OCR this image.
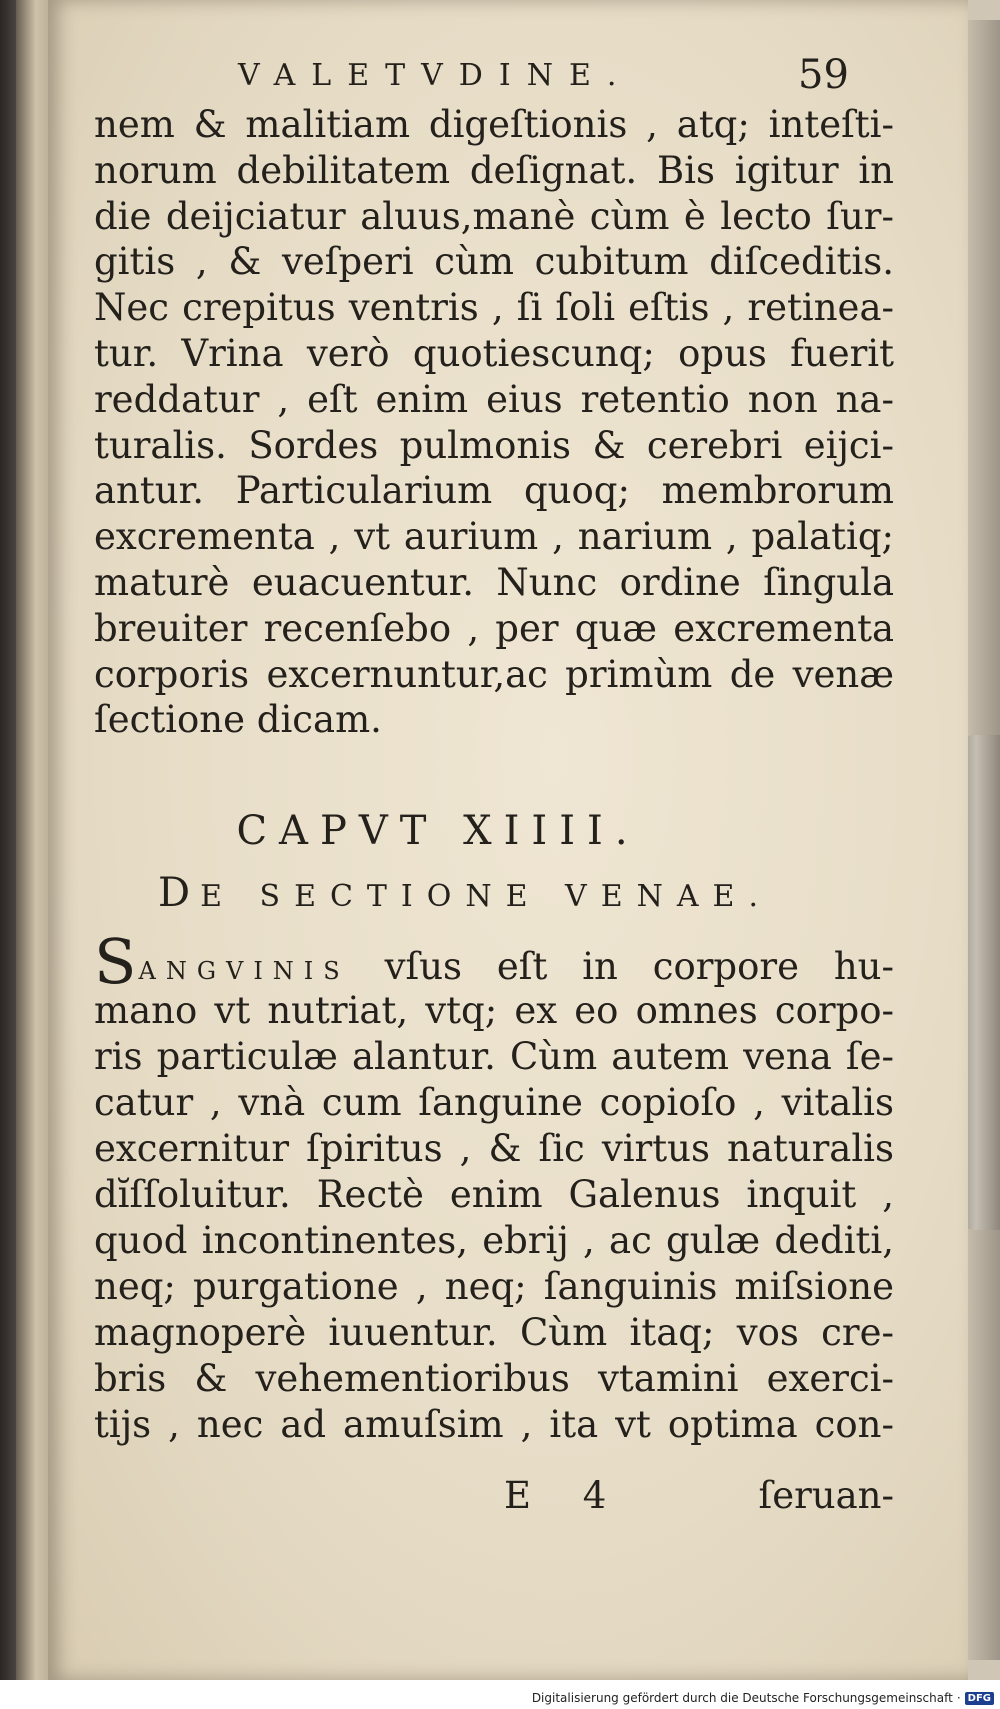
VALETVDINE.	59
nem & malitiam digeſtionis , atq; inteſti-
norum debilitatem deſignat. Bis igitur in
die deijciatur aluus,manè cùm è lecto ſur-
gitis , & veſperi cùm cubitum diſceditis.
Nec crepitus ventris , ſi ſoli eſtis , retinea-
tur. Vrina verò quotiescunq; opus fuerit
reddatur , eſt enim eius retentio non na-
turalis. Sordes pulmonis & cerebri eijci-
antur. Particularium quoq; membrorum
excrementa , vt aurium , narium , palatiq;
maturè euacuentur. Nunc ordine ſingula
breuiter recenſebo , per quæ excrementa
corporis excernuntur,ac primùm de venæ
ſectione dicam.
CAPVT XIIII.
DE SECTIONE VENAE.
SANGVINIS vſus eſt in corpore hu-
mano vt nutriat, vtq; ex eo omnes corpo-
ris particulæ alantur. Cùm autem vena ſe-
catur , vnà cum ſanguine copioſo , vitalis
excernitur ſpiritus , & ſic virtus naturalis
dĭſſoluitur. Rectè enim Galenus inquit ,
quod incontinentes, ebrij , ac gulæ dediti,
neq; purgatione , neq; ſanguinis miſsione
magnoperè iuuentur. Cùm itaq; vos cre-
bris & vehementioribus vtamini exerci-
tijs , nec ad amuſsim , ita vt optima con-
E 4	ſeruan-
Digitalisierung gefördert durch die Deutsche Forschungsgemeinschaft · DFG
